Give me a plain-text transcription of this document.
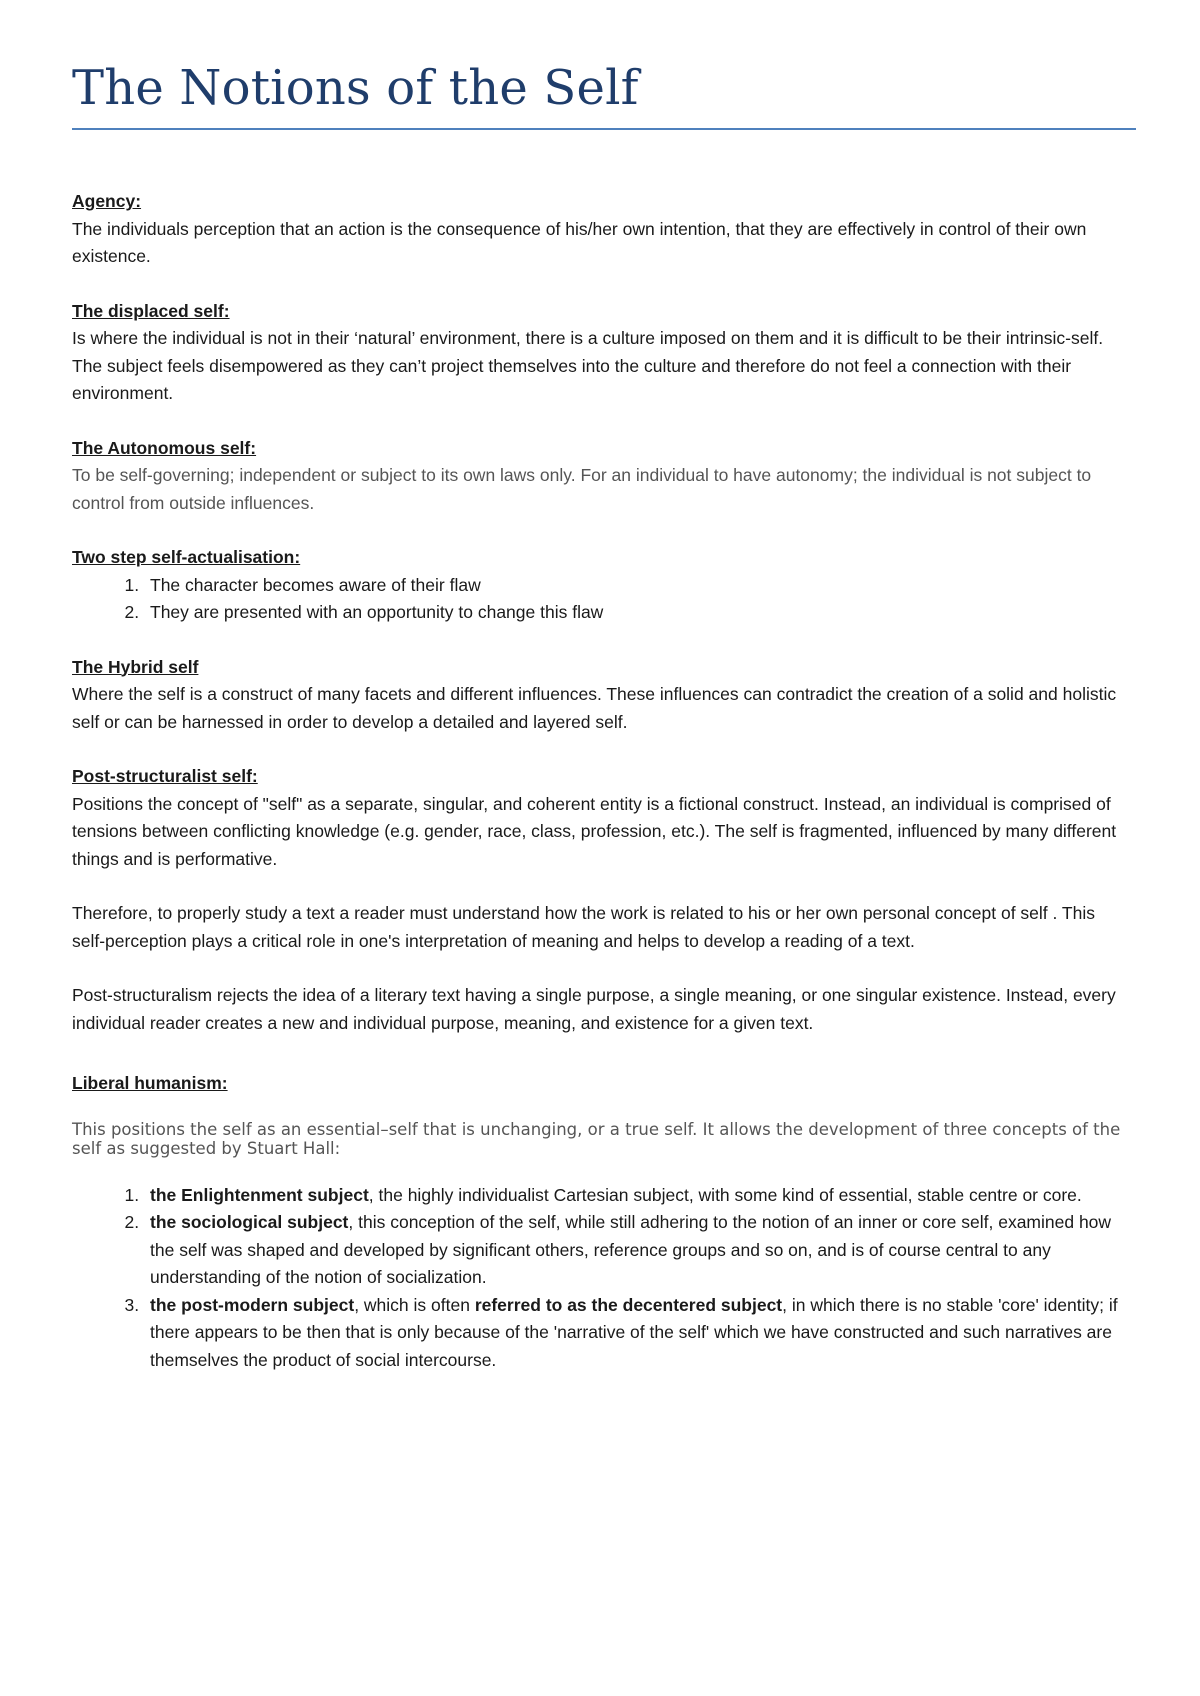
The Notions of the Self

Agency:

The individuals perception that an action is the consequence of his/her own intention, that they are effectively in control of their own existence.

The displaced self:

Is where the individual is not in their ‘natural’ environment, there is a culture imposed on them and it is difficult to be their intrinsic-self. The subject feels disempowered as they can’t project themselves into the culture and therefore do not feel a connection with their environment.

The Autonomous self:

To be self-governing; independent or subject to its own laws only. For an individual to have autonomy; the individual is not subject to control from outside influences.

Two step self-actualisation:

1. The character becomes aware of their flaw
2. They are presented with an opportunity to change this flaw

The Hybrid self

Where the self is a construct of many facets and different influences. These influences can contradict the creation of a solid and holistic self or can be harnessed in order to develop a detailed and layered self.

Post-structuralist self:

Positions the concept of "self" as a separate, singular, and coherent entity is a fictional construct. Instead, an individual is comprised of tensions between conflicting knowledge (e.g. gender, race, class, profession, etc.). The self is fragmented, influenced by many different things and is performative.

Therefore, to properly study a text a reader must understand how the work is related to his or her own personal concept of self . This self-perception plays a critical role in one's interpretation of meaning and helps to develop a reading of a text.

Post-structuralism rejects the idea of a literary text having a single purpose, a single meaning, or one singular existence. Instead, every individual reader creates a new and individual purpose, meaning, and existence for a given text.

Liberal humanism:

This positions the self as an essential–self that is unchanging, or a true self. It allows the development of three concepts of the self as suggested by Stuart Hall:

1. the Enlightenment subject, the highly individualist Cartesian subject, with some kind of essential, stable centre or core.
2. the sociological subject, this conception of the self, while still adhering to the notion of an inner or core self, examined how the self was shaped and developed by significant others, reference groups and so on, and is of course central to any understanding of the notion of socialization.
3. the post-modern subject, which is often referred to as the decentered subject, in which there is no stable 'core' identity; if there appears to be then that is only because of the 'narrative of the self' which we have constructed and such narratives are themselves the product of social intercourse.
